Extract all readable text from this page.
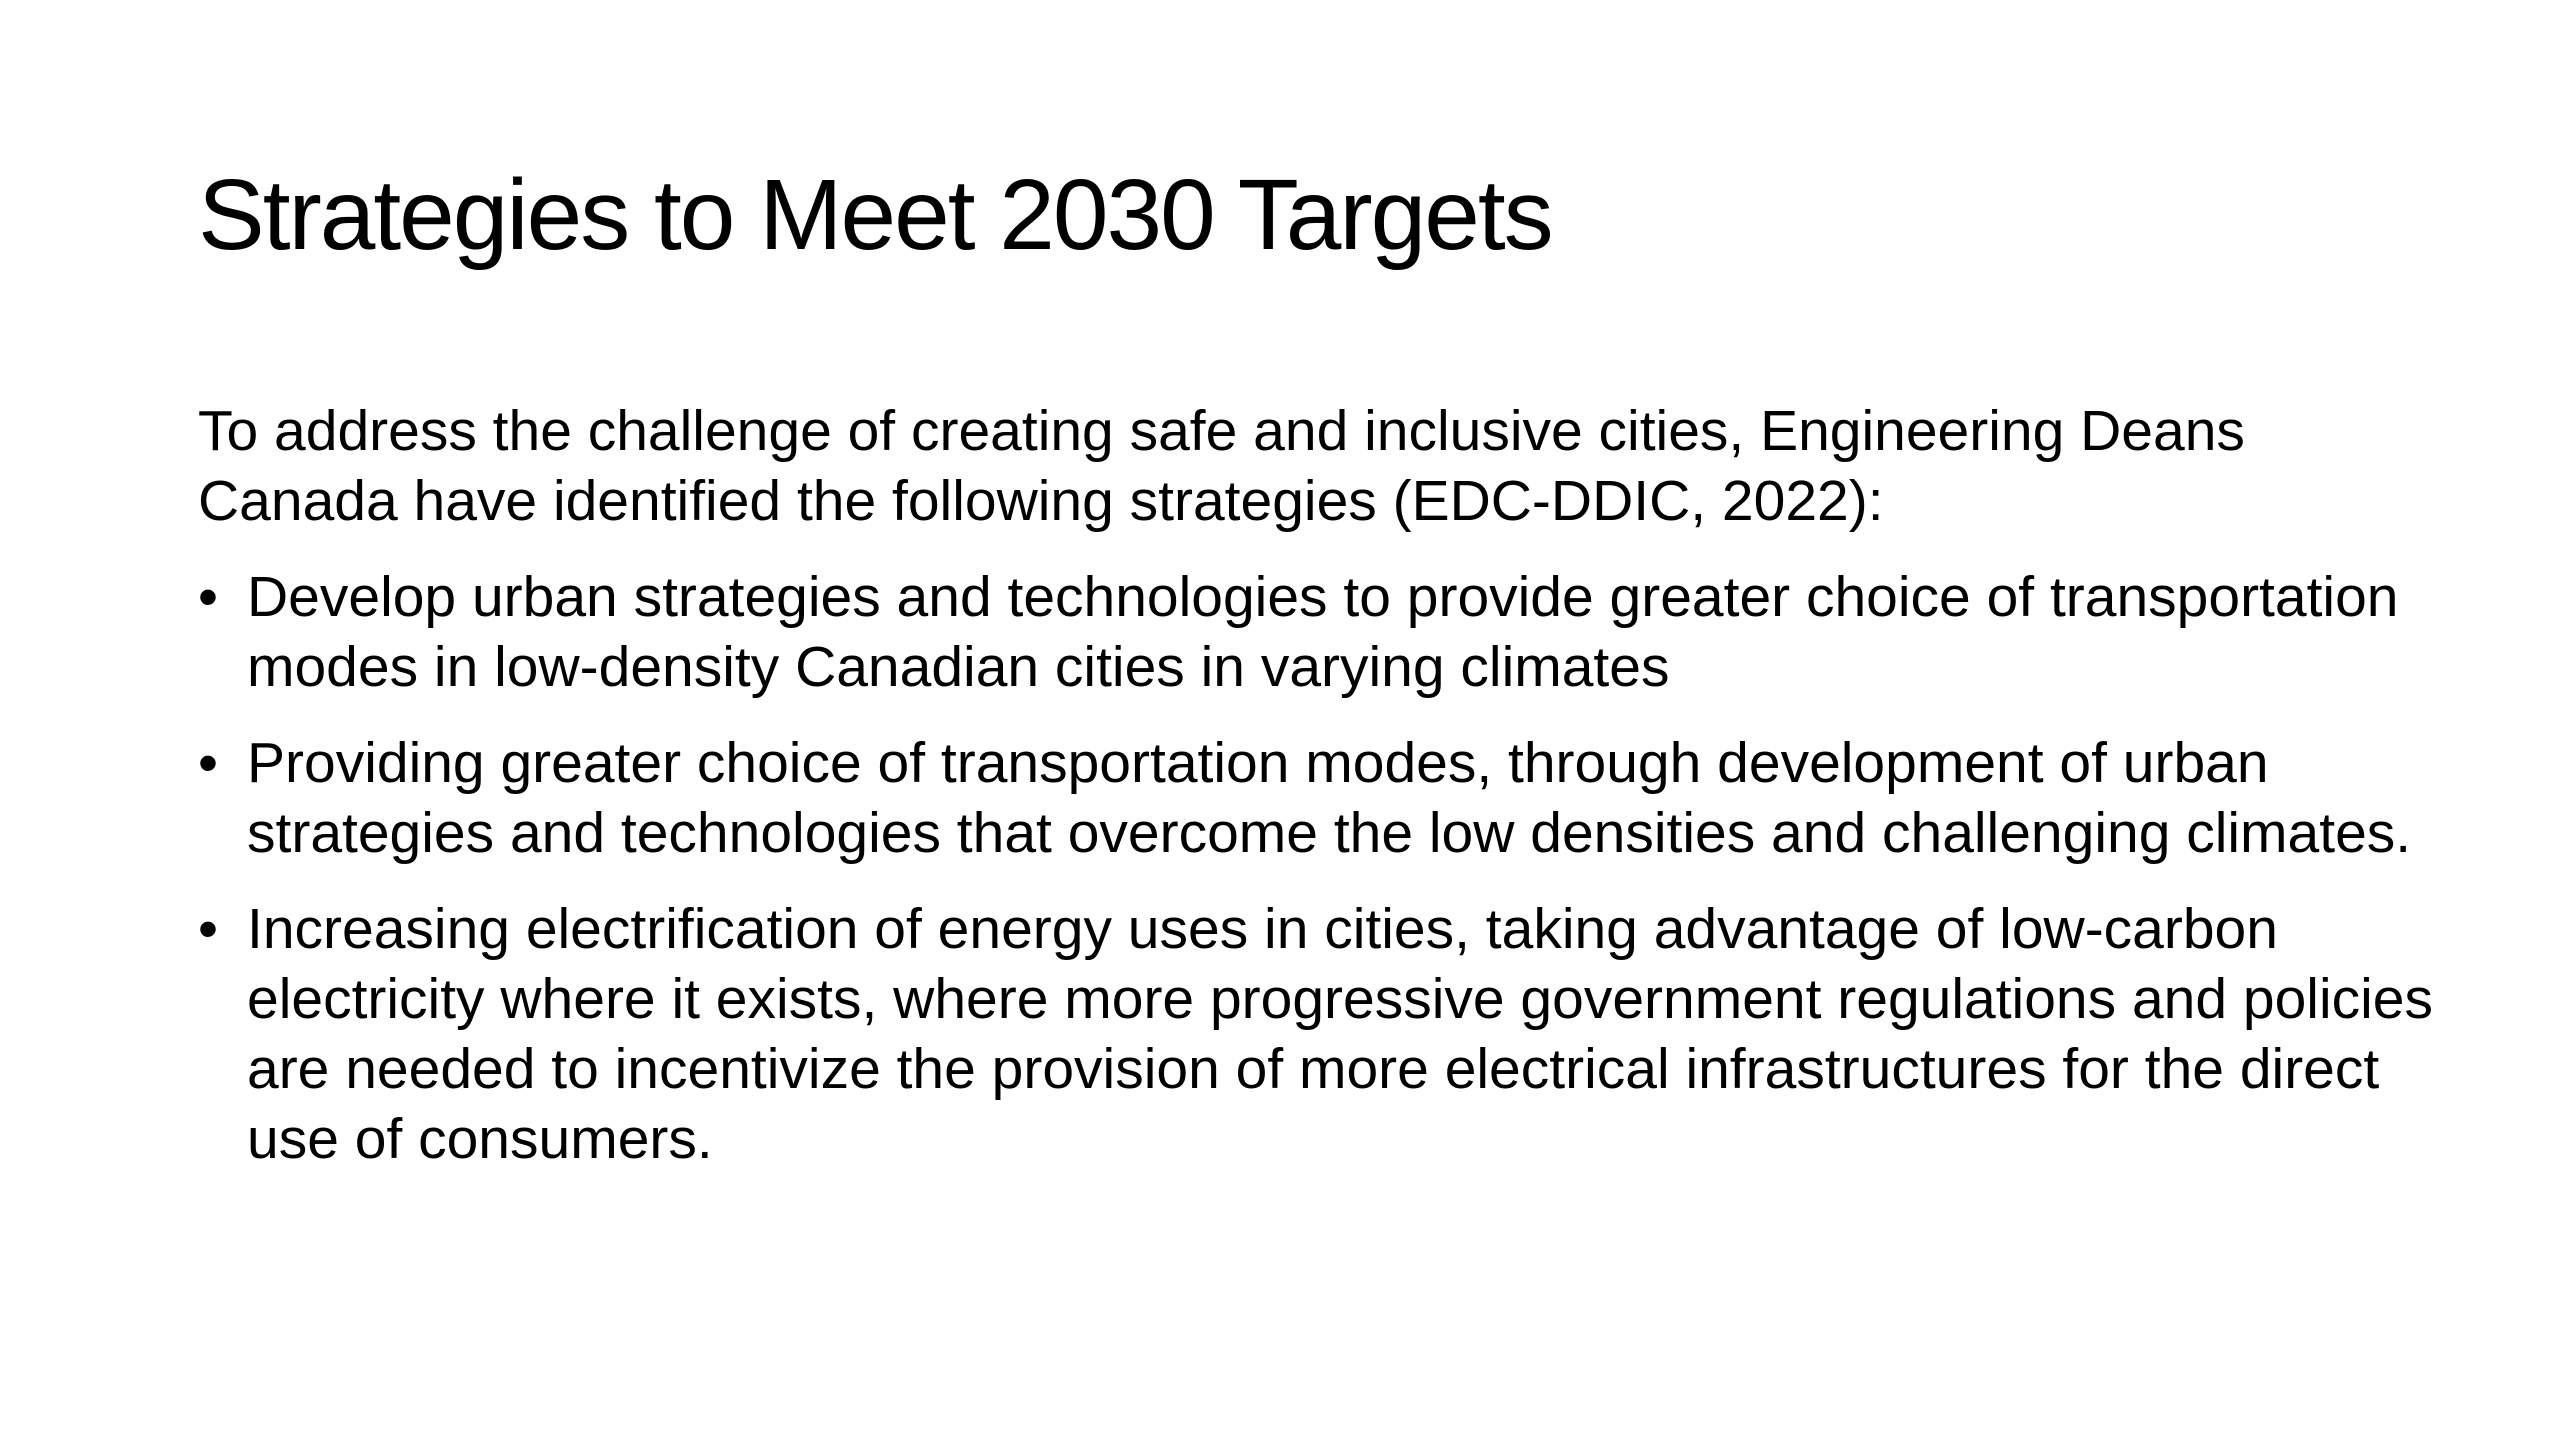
Strategies to Meet 2030 Targets

To address the challenge of creating safe and inclusive cities, Engineering Deans Canada have identified the following strategies (EDC-DDIC, 2022):

• Develop urban strategies and technologies to provide greater choice of transportation modes in low-density Canadian cities in varying climates
• Providing greater choice of transportation modes, through development of urban strategies and technologies that overcome the low densities and challenging climates.
• Increasing electrification of energy uses in cities, taking advantage of low-carbon electricity where it exists, where more progressive government regulations and policies are needed to incentivize the provision of more electrical infrastructures for the direct use of consumers.
